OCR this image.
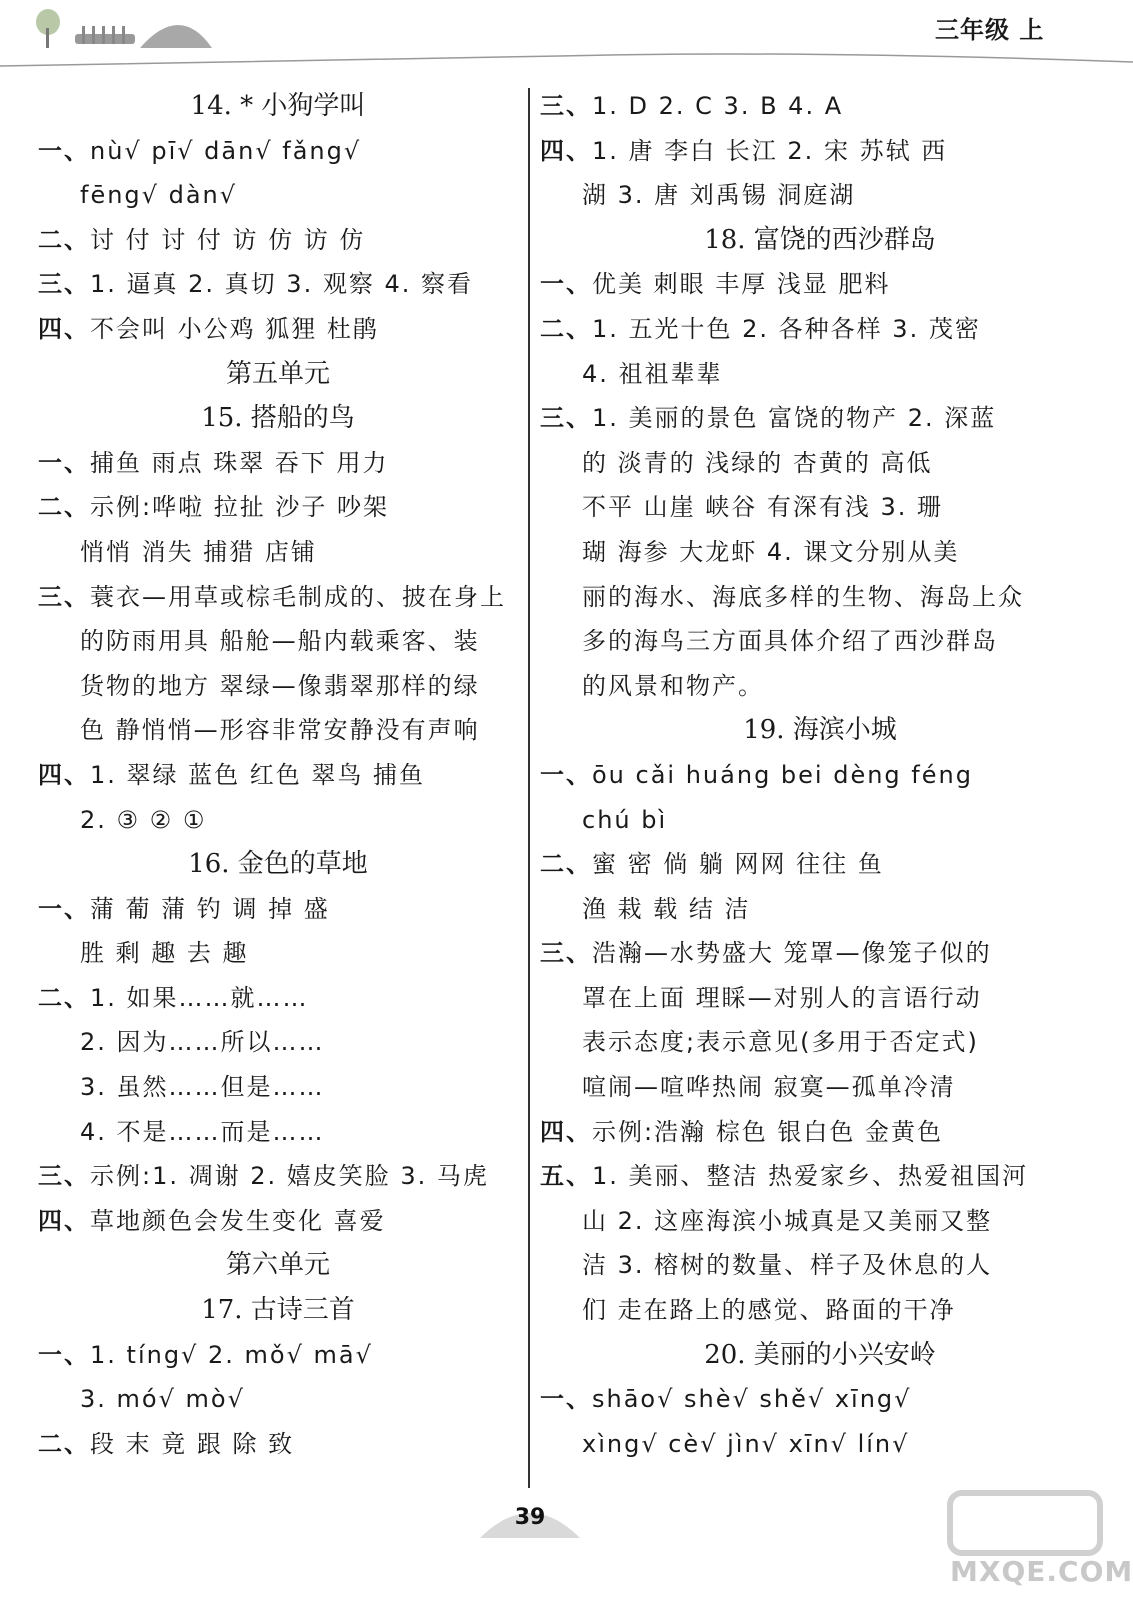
三年级 上
14. * 小狗学叫
一、nù√ pī√ dān√ fǎng√
fēng√ dàn√
二、讨 付 讨 付 访 仿 访 仿
三、1. 逼真 2. 真切 3. 观察 4. 察看
四、不会叫 小公鸡 狐狸 杜鹃
第五单元
15. 搭船的鸟
一、捕鱼 雨点 珠翠 吞下 用力
二、示例:哗啦 拉扯 沙子 吵架
悄悄 消失 捕猎 店铺
三、蓑衣—用草或棕毛制成的、披在身上
的防雨用具 船舱—船内载乘客、装
货物的地方 翠绿—像翡翠那样的绿
色 静悄悄—形容非常安静没有声响
四、1. 翠绿 蓝色 红色 翠鸟 捕鱼
2. ③ ② ①
16. 金色的草地
一、蒲 葡 蒲 钓 调 掉 盛
胜 剩 趣 去 趣
二、1. 如果……就……
2. 因为……所以……
3. 虽然……但是……
4. 不是……而是……
三、示例:1. 凋谢 2. 嬉皮笑脸 3. 马虎
四、草地颜色会发生变化 喜爱
第六单元
17. 古诗三首
一、1. tíng√ 2. mǒ√ mā√
3. mó√ mò√
二、段 末 竟 跟 除 致
三、1. D 2. C 3. B 4. A
四、1. 唐 李白 长江 2. 宋 苏轼 西
湖 3. 唐 刘禹锡 洞庭湖
18. 富饶的西沙群岛
一、优美 刺眼 丰厚 浅显 肥料
二、1. 五光十色 2. 各种各样 3. 茂密
4. 祖祖辈辈
三、1. 美丽的景色 富饶的物产 2. 深蓝
的 淡青的 浅绿的 杏黄的 高低
不平 山崖 峡谷 有深有浅 3. 珊
瑚 海参 大龙虾 4. 课文分别从美
丽的海水、海底多样的生物、海岛上众
多的海鸟三方面具体介绍了西沙群岛
的风景和物产。
19. 海滨小城
一、ōu cǎi huáng bei dèng féng
chú bì
二、蜜 密 倘 躺 网网 往往 鱼
渔 栽 载 结 洁
三、浩瀚—水势盛大 笼罩—像笼子似的
罩在上面 理睬—对别人的言语行动
表示态度;表示意见(多用于否定式)
喧闹—喧哗热闹 寂寞—孤单冷清
四、示例:浩瀚 棕色 银白色 金黄色
五、1. 美丽、整洁 热爱家乡、热爱祖国河
山 2. 这座海滨小城真是又美丽又整
洁 3. 榕树的数量、样子及休息的人
们 走在路上的感觉、路面的干净
20. 美丽的小兴安岭
一、shāo√ shè√ shě√ xīng√
xìng√ cè√ jìn√ xīn√ lín√
39
MXQE.COM
